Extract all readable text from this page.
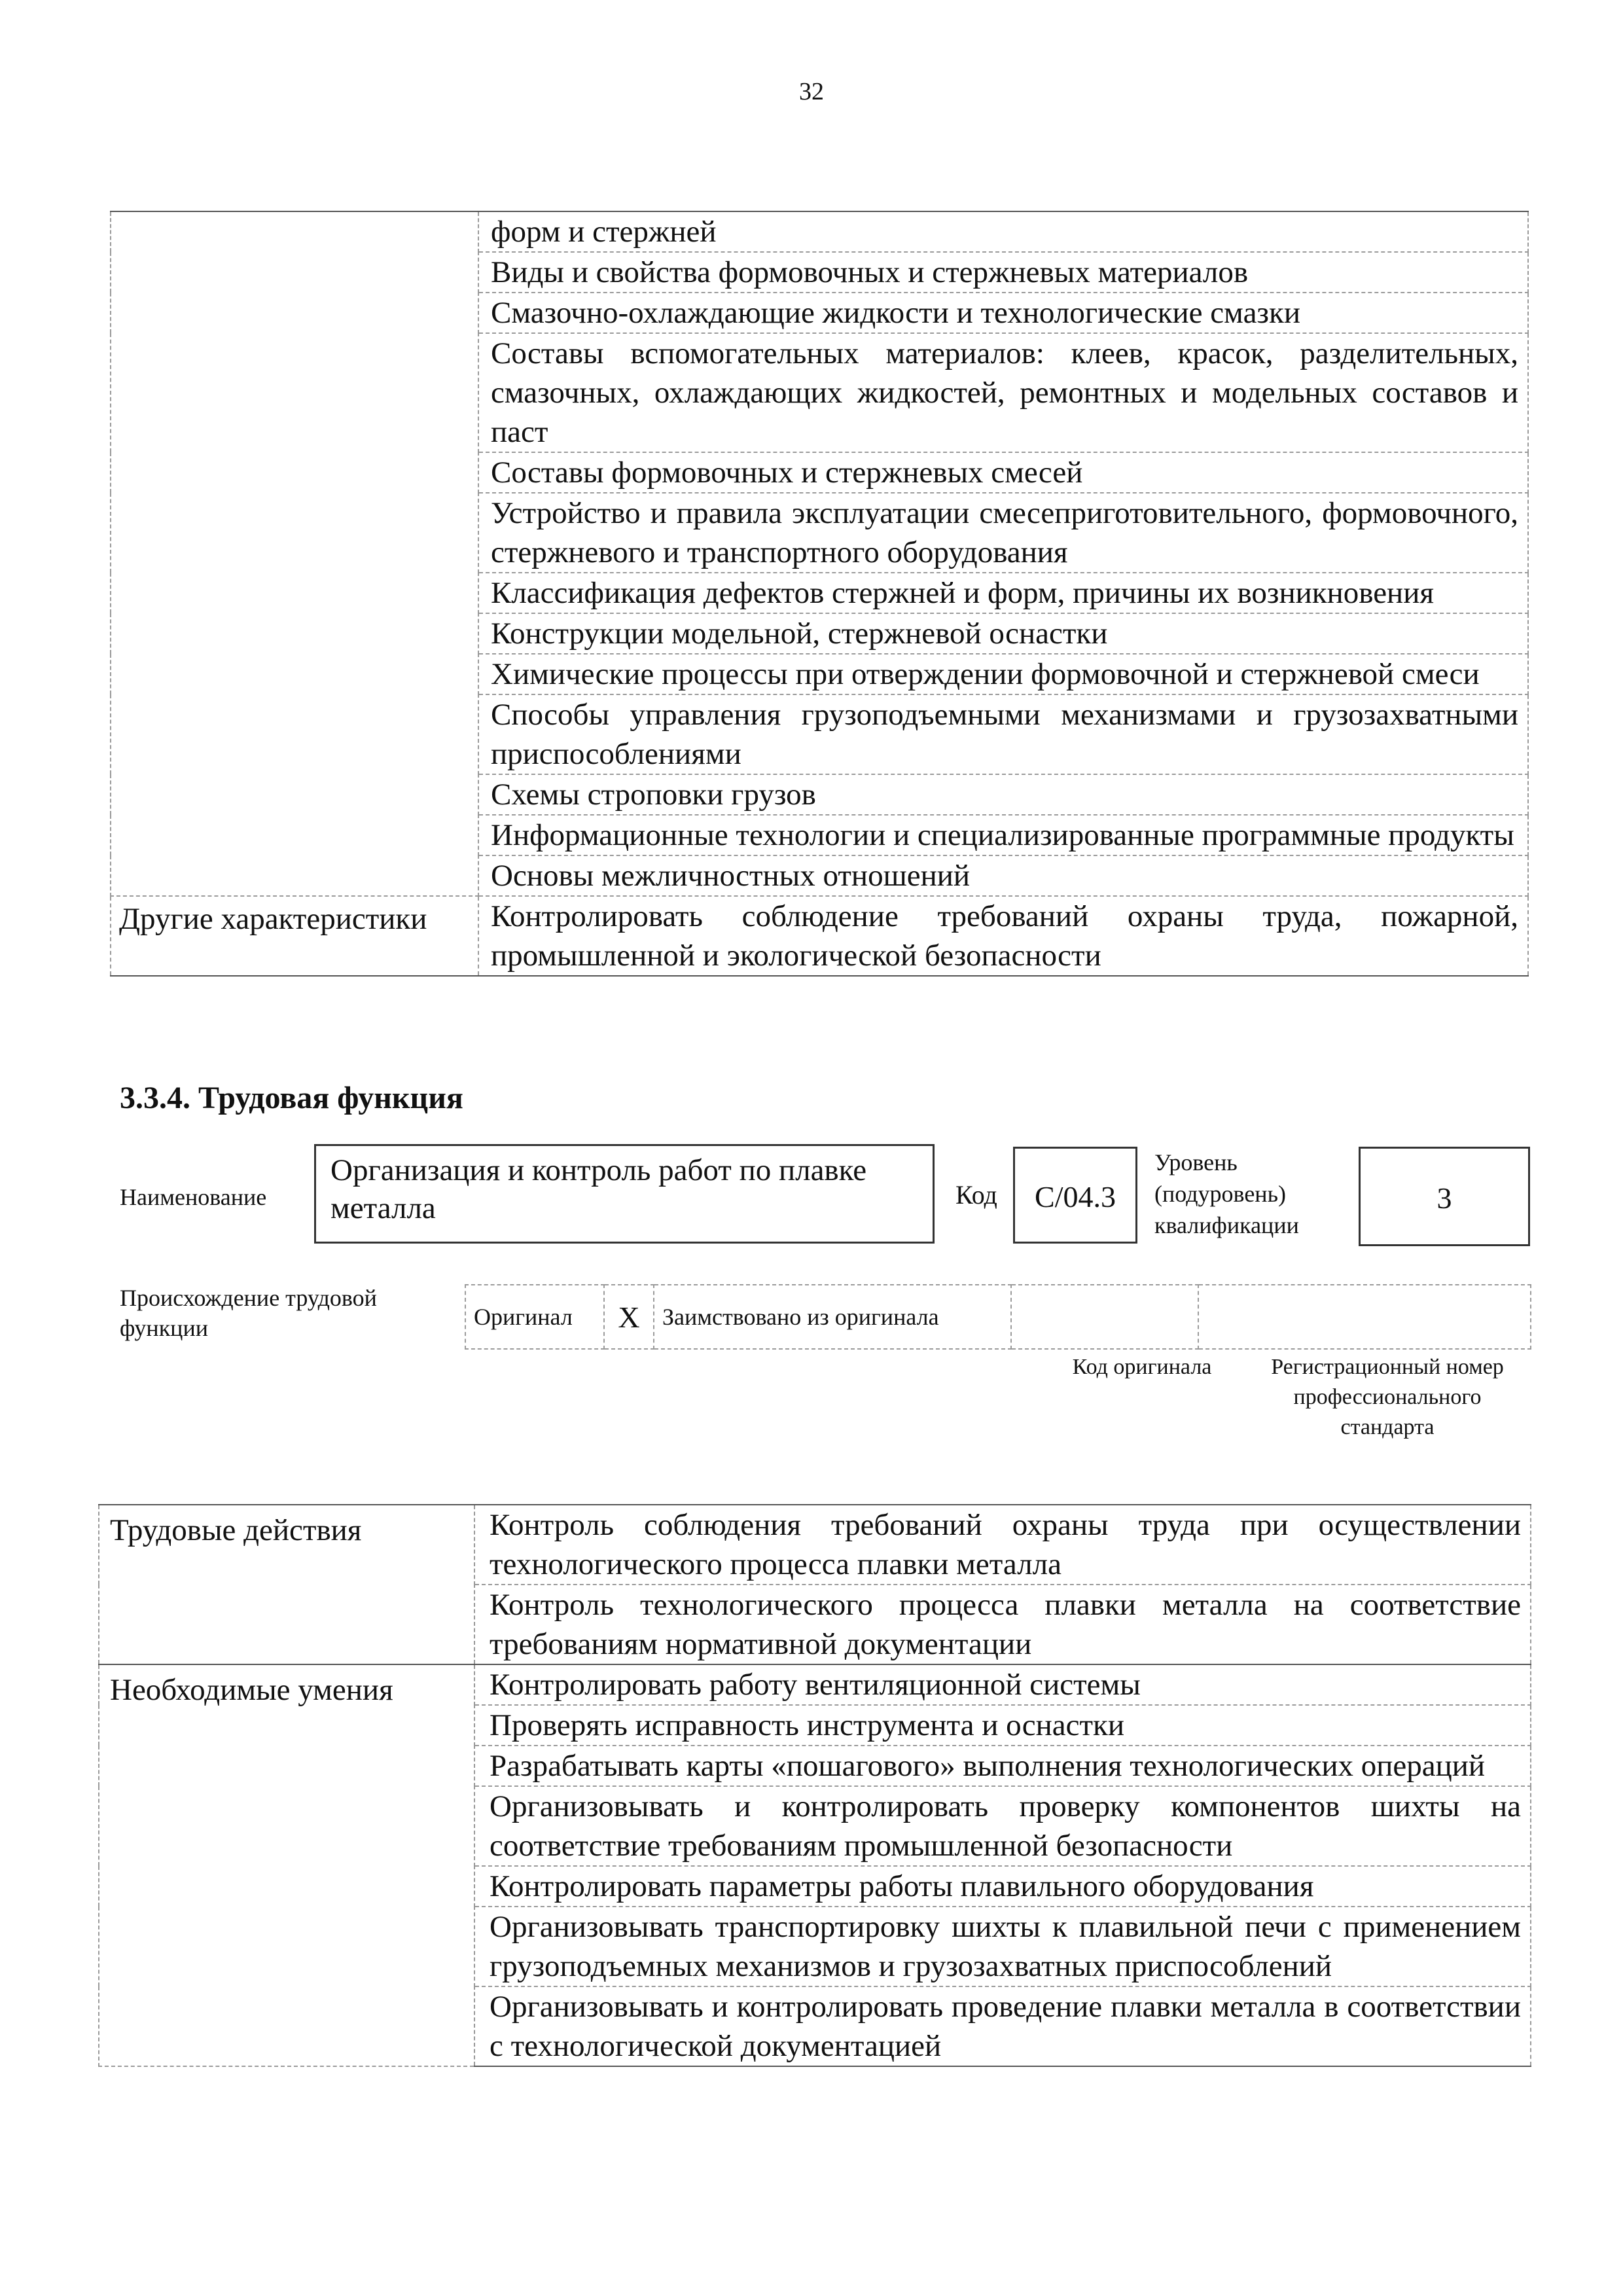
32
	форм и стержней
	Виды и свойства формовочных и стержневых материалов
	Смазочно-охлаждающие жидкости и технологические смазки
	Составы вспомогательных материалов: клеев, красок, разделительных, смазочных, охлаждающих жидкостей, ремонтных и модельных составов и паст
	Составы формовочных и стержневых смесей
	Устройство и правила эксплуатации смесеприготовительного, формовочного, стержневого и транспортного оборудования
	Классификация дефектов стержней и форм, причины их возникновения
	Конструкции модельной, стержневой оснастки
	Химические процессы при отверждении формовочной и стержневой смеси
	Способы управления грузоподъемными механизмами и грузозахватными приспособлениями
	Схемы строповки грузов
	Информационные технологии и специализированные программные продукты
	Основы межличностных отношений
Другие характеристики	Контролировать соблюдение требований охраны труда, пожарной, промышленной и экологической безопасности
3.3.4. Трудовая функция
Наименование
Организация и контроль работ по плавке металла	Код	C/04.3
Уровень (подуровень) квалификации
3
Происхождение трудовой функции	Оригинал	X	Заимствовано из оригинала		
Код оригинала	Регистрационный номер профессионального стандарта
Трудовые действия	Контроль соблюдения требований охраны труда при осуществлении технологического процесса плавки металла
	Контроль технологического процесса плавки металла на соответствие требованиям нормативной документации
Необходимые умения	Контролировать работу вентиляционной системы
	Проверять исправность инструмента и оснастки
	Разрабатывать карты «пошагового» выполнения технологических операций
	Организовывать и контролировать проверку компонентов шихты на соответствие требованиям промышленной безопасности
	Контролировать параметры работы плавильного оборудования
	Организовывать транспортировку шихты к плавильной печи с применением грузоподъемных механизмов и грузозахватных приспособлений
	Организовывать и контролировать проведение плавки металла в соответствии с технологической документацией
